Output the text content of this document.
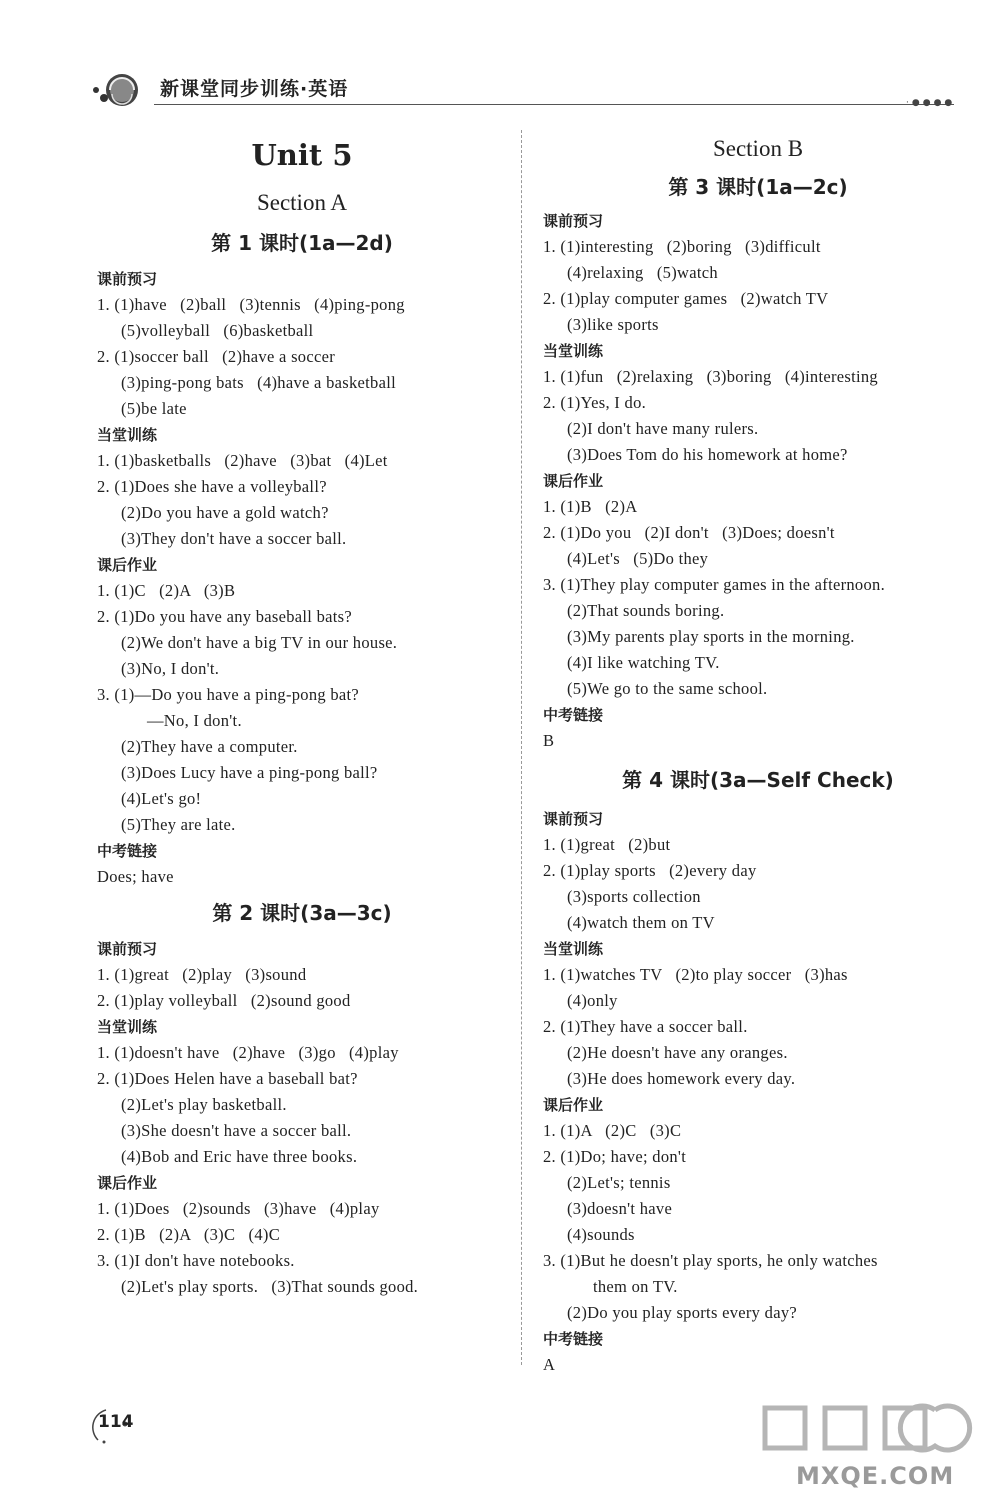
新课堂同步训练·英语
·●●●●
Unit 5
Section A
第 1 课时(1a—2d)
课前预习
1. (1)have   (2)ball   (3)tennis   (4)ping-pong
(5)volleyball   (6)basketball
2. (1)soccer ball   (2)have a soccer
(3)ping-pong bats   (4)have a basketball
(5)be late
当堂训练
1. (1)basketballs   (2)have   (3)bat   (4)Let
2. (1)Does she have a volleyball?
(2)Do you have a gold watch?
(3)They don't have a soccer ball.
课后作业
1. (1)C   (2)A   (3)B
2. (1)Do you have any baseball bats?
(2)We don't have a big TV in our house.
(3)No, I don't.
3. (1)—Do you have a ping-pong bat?
—No, I don't.
(2)They have a computer.
(3)Does Lucy have a ping-pong ball?
(4)Let's go!
(5)They are late.
中考链接
Does; have
第 2 课时(3a—3c)
课前预习
1. (1)great   (2)play   (3)sound
2. (1)play volleyball   (2)sound good
当堂训练
1. (1)doesn't have   (2)have   (3)go   (4)play
2. (1)Does Helen have a baseball bat?
(2)Let's play basketball.
(3)She doesn't have a soccer ball.
(4)Bob and Eric have three books.
课后作业
1. (1)Does   (2)sounds   (3)have   (4)play
2. (1)B   (2)A   (3)C   (4)C
3. (1)I don't have notebooks.
(2)Let's play sports.   (3)That sounds good.
Section B
第 3 课时(1a—2c)
课前预习
1. (1)interesting   (2)boring   (3)difficult
(4)relaxing   (5)watch
2. (1)play computer games   (2)watch TV
(3)like sports
当堂训练
1. (1)fun   (2)relaxing   (3)boring   (4)interesting
2. (1)Yes, I do.
(2)I don't have many rulers.
(3)Does Tom do his homework at home?
课后作业
1. (1)B   (2)A
2. (1)Do you   (2)I don't   (3)Does; doesn't
(4)Let's   (5)Do they
3. (1)They play computer games in the afternoon.
(2)That sounds boring.
(3)My parents play sports in the morning.
(4)I like watching TV.
(5)We go to the same school.
中考链接
B
第 4 课时(3a—Self Check)
课前预习
1. (1)great   (2)but
2. (1)play sports   (2)every day
(3)sports collection
(4)watch them on TV
当堂训练
1. (1)watches TV   (2)to play soccer   (3)has
(4)only
2. (1)They have a soccer ball.
(2)He doesn't have any oranges.
(3)He does homework every day.
课后作业
1. (1)A   (2)C   (3)C
2. (1)Do; have; don't
(2)Let's; tennis
(3)doesn't have
(4)sounds
3. (1)But he doesn't play sports, he only watches
them on TV.
(2)Do you play sports every day?
中考链接
A
114
MXQE.COM
